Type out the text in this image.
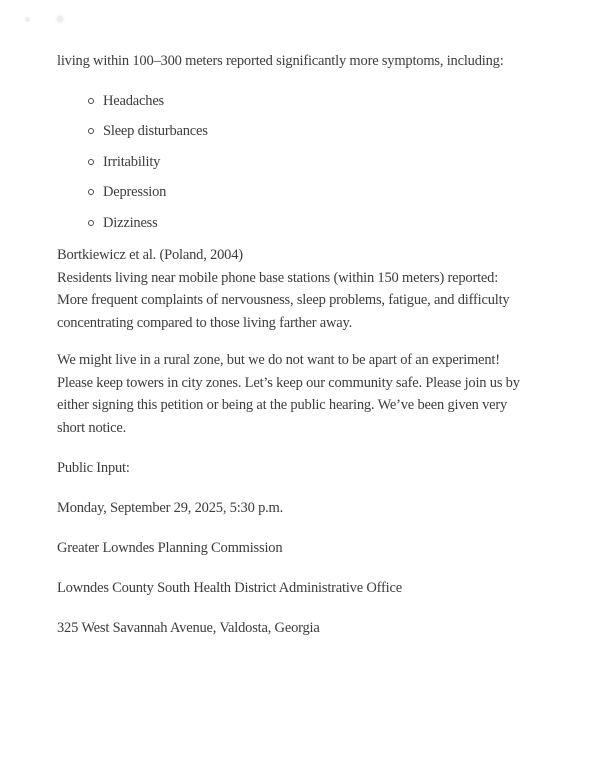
living within 100–300 meters reported significantly more symptoms, including:
Headaches
Sleep disturbances
Irritability
Depression
Dizziness
Bortkiewicz et al. (Poland, 2004)
Residents living near mobile phone base stations (within 150 meters) reported:
More frequent complaints of nervousness, sleep problems, fatigue, and difficulty
concentrating compared to those living farther away.
We might live in a rural zone, but we do not want to be apart of an experiment!
Please keep towers in city zones. Let’s keep our community safe. Please join us by
either signing this petition or being at the public hearing. We’ve been given very
short notice.
Public Input:
Monday, September 29, 2025, 5:30 p.m.
Greater Lowndes Planning Commission
Lowndes County South Health District Administrative Office
325 West Savannah Avenue, Valdosta, Georgia
